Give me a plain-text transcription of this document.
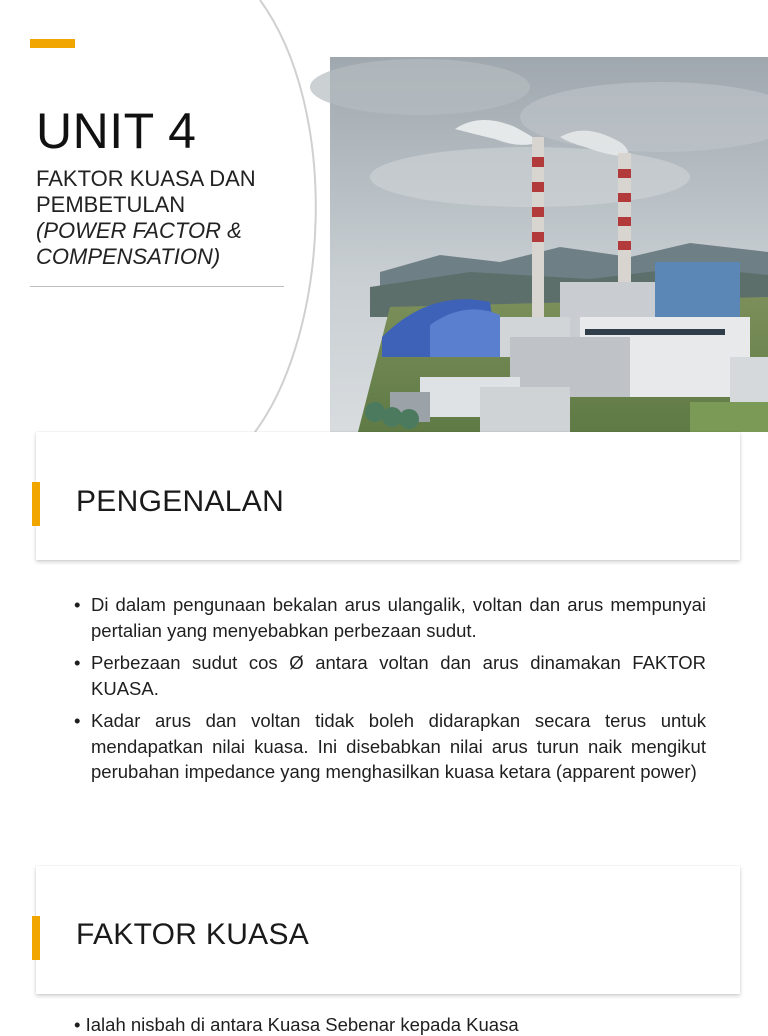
UNIT 4
FAKTOR KUASA DAN PEMBETULAN
(POWER FACTOR & COMPENSATION)
PENGENALAN
• Di dalam pengunaan bekalan arus ulangalik, voltan dan arus mempunyai pertalian yang menyebabkan perbezaan sudut.
• Perbezaan sudut cos Ø antara voltan dan arus dinamakan FAKTOR KUASA.
• Kadar arus dan voltan tidak boleh didarapkan secara terus untuk mendapatkan nilai kuasa. Ini disebabkan nilai arus turun naik mengikut perubahan impedance yang menghasilkan kuasa ketara (apparent power)
FAKTOR KUASA
• Ialah nisbah di antara Kuasa Sebenar kepada Kuasa
